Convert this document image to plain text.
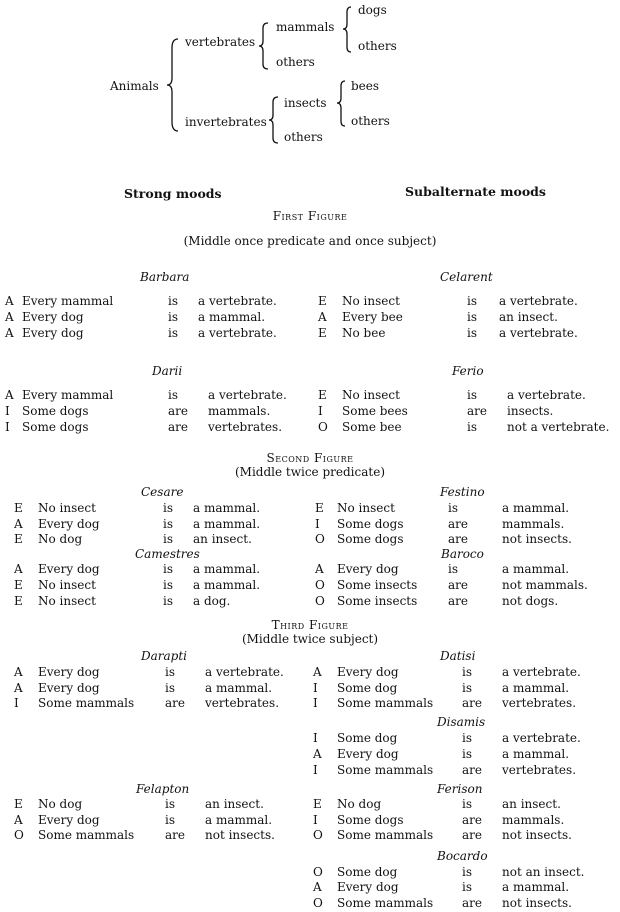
Animals
vertebrates
mammals
dogs
others
others
invertebrates
insects
bees
others
others
Strong moods	Subalternate moods
First Figure
(Middle once predicate and once subject)
Second Figure
(Middle twice predicate)
Third Figure
(Middle twice subject)
Barbara
A Every mammal	is a vertebrate.
A Every dog	is a mammal.
A Every dog	is a vertebrate.
Celarent
E No insect	is a vertebrate.
A Every bee	is an insect.
E No bee	is a vertebrate.
Darii
A Every mammal	is	a vertebrate.
I Some dogs	are mammals.
I Some dogs	are vertebrates.
Ferio
E No insect	is	a vertebrate.
I Some bees	are insects.
O Some bee	is	not a vertebrate.
Cesare
E No insect	is a mammal.
A Every dog	is a mammal.
E No dog	is an insect.
Festino
E No insect	is	a mammal.
I Some dogs	are	mammals.
O Some dogs	are	not insects.
Camestres
A Every dog	is a mammal.
E No insect	is a mammal.
E No insect	is a dog.
Baroco
A Every dog	is	a mammal.
O Some insects	are	not mammals.
O Some insects	are	not dogs.
Darapti
A Every dog	is	a vertebrate.
A Every dog	is	a mammal.
I Some mammals	are vertebrates.
Datisi
A Every dog	is	a vertebrate.
I Some dog	is	a mammal.
I Some mammals are vertebrates.
Disamis
I Some dog	is	a vertebrate.
A Every dog	is	a mammal.
I Some mammals are vertebrates.
Felapton
E No dog	is	an insect.
A Every dog	is	a mammal.
O Some mammals	are not insects.
Ferison
E No dog	is	an insect.
I Some dogs	are mammals.
O Some mammals are not insects.
Bocardo
O Some dog	is	not an insect.
A Every dog	is	a mammal.
O Some mammals are not insects.
